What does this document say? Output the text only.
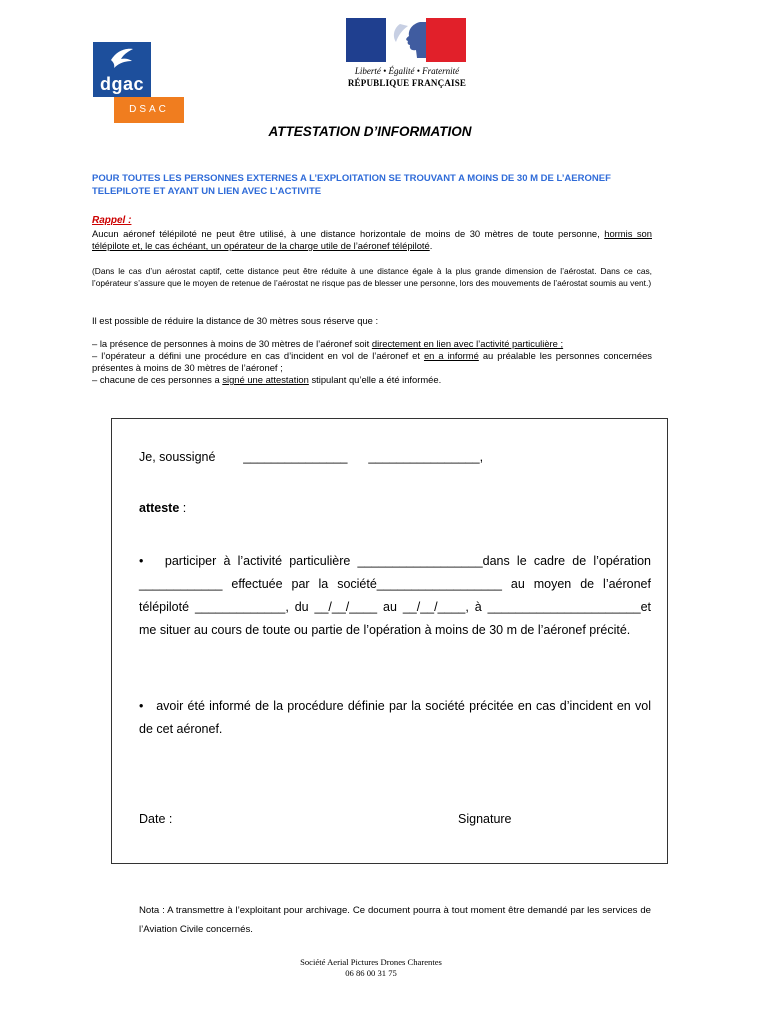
dgac
DSAC
Liberté • Égalité • Fraternité
RÉPUBLIQUE FRANÇAISE
ATTESTATION D’INFORMATION
POUR TOUTES LES PERSONNES EXTERNES A L’EXPLOITATION SE TROUVANT A MOINS DE 30 M DE L’AERONEF TELEPILOTE ET AYANT UN LIEN AVEC L’ACTIVITE
Rappel :
Aucun aéronef télépiloté ne peut être utilisé, à une distance horizontale de moins de 30 mètres de toute personne, hormis son télépilote et, le cas échéant, un opérateur de la charge utile de l’aéronef télépiloté.
(Dans le cas d’un aérostat captif, cette distance peut être réduite à une distance égale à la plus grande dimension de l’aérostat. Dans ce cas, l’opérateur s’assure que le moyen de retenue de l’aérostat ne risque pas de blesser une personne, lors des mouvements de l’aérostat soumis au vent.)
Il est possible de réduire la distance de 30 mètres sous réserve que :
– la présence de personnes à moins de 30 mètres de l’aéronef soit directement en lien avec l’activité particulière ;
– l’opérateur a défini une procédure en cas d’incident en vol de l’aéronef et en a informé au préalable les personnes concernées présentes à moins de 30 mètres de l’aéronef ;
– chacune de ces personnes a signé une attestation stipulant qu’elle a été informée.
Je, soussigné        _______________      ________________,
atteste :
• participer à l’activité particulière __________________dans le cadre de l’opération ____________ effectuée par la société__________________ au moyen de l’aéronef télépiloté _____________, du __/__/____ au __/__/____, à ______________________et me situer au cours de toute ou partie de l’opération à moins de 30 m de l’aéronef précité.
• avoir été informé de la procédure définie par la société précitée en cas d’incident en vol de cet aéronef.
Date :	Signature
Nota : A transmettre à l’exploitant pour archivage. Ce document pourra à tout moment être demandé par les services de l’Aviation Civile concernés.
Société Aerial Pictures Drones Charentes
06 86 00 31 75
